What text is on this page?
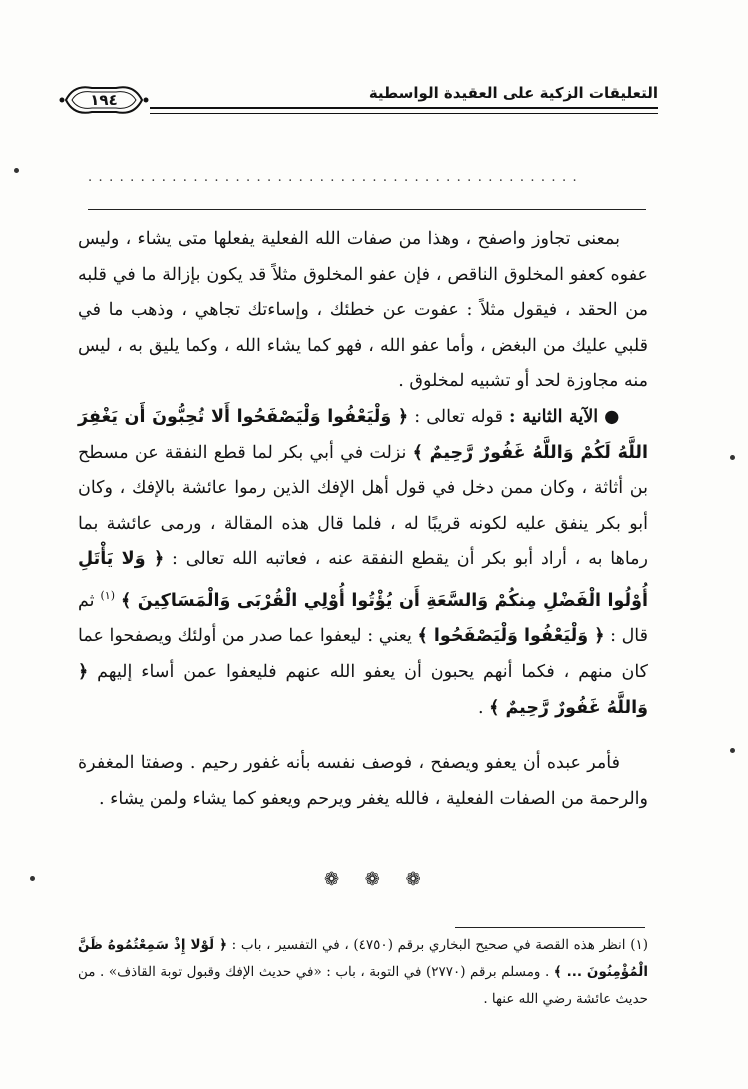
التعليقات الزكية على العقيدة الواسطية
١٩٤
...............................................

بمعنى تجاوز واصفح ، وهذا من صفات الله الفعلية يفعلها متى يشاء ، وليس عفوه كعفو المخلوق الناقص ، فإن عفو المخلوق مثلاً قد يكون بإزالة ما في قلبه من الحقد ، فيقول مثلاً : عفوت عن خطئك ، وإساءتك تجاهي ، وذهب ما في قلبي عليك من البغض ، وأما عفو الله ، فهو كما يشاء الله ، وكما يليق به ، ليس منه مجاوزة لحد أو تشبيه لمخلوق .

●الآية الثانية : قوله تعالى : ﴿ وَلْيَعْفُوا وَلْيَصْفَحُوا أَلا تُحِبُّونَ أَن يَغْفِرَ اللَّهُ لَكُمْ وَاللَّهُ غَفُورٌ رَّحِيمٌ ﴾ نزلت في أبي بكر لما قطع النفقة عن مسطح بن أثاثة ، وكان ممن دخل في قول أهل الإفك الذين رموا عائشة بالإفك ، وكان أبو بكر ينفق عليه لكونه قريبًا له ، فلما قال هذه المقالة ، ورمى عائشة بما رماها به ، أراد أبو بكر أن يقطع النفقة عنه ، فعاتبه الله تعالى : ﴿ وَلا يَأْتَلِ أُوْلُوا الْفَضْلِ مِنكُمْ وَالسَّعَةِ أَن يُؤْتُوا أُوْلِي الْقُرْبَى وَالْمَسَاكِينَ ﴾ $^{(١)}$ ثم قال : ﴿ وَلْيَعْفُوا وَلْيَصْفَحُوا ﴾ يعني : ليعفوا عما صدر من أولئك ويصفحوا عما كان منهم ، فكما أنهم يحبون أن يعفو الله عنهم فليعفوا عمن أساء إليهم ﴿ وَاللَّهُ غَفُورٌ رَّحِيمٌ ﴾ .

فأمر عبده أن يعفو ويصفح ، فوصف نفسه بأنه غفور رحيم . وصفتا المغفرة والرحمة من الصفات الفعلية ، فالله يغفر ويرحم ويعفو كما يشاء ولمن يشاء .

❁ ❁ ❁

(١) انظر هذه القصة في صحيح البخاري برقم (٤٧٥٠) ، في التفسير ، باب : ﴿ لَوْلا إِذْ سَمِعْتُمُوهُ ظَنَّ الْمُؤْمِنُونَ ... ﴾ . ومسلم برقم (٢٧٧٠) في التوبة ، باب : «في حديث الإفك وقبول توبة القاذف» . من حديث عائشة رضي الله عنها .
